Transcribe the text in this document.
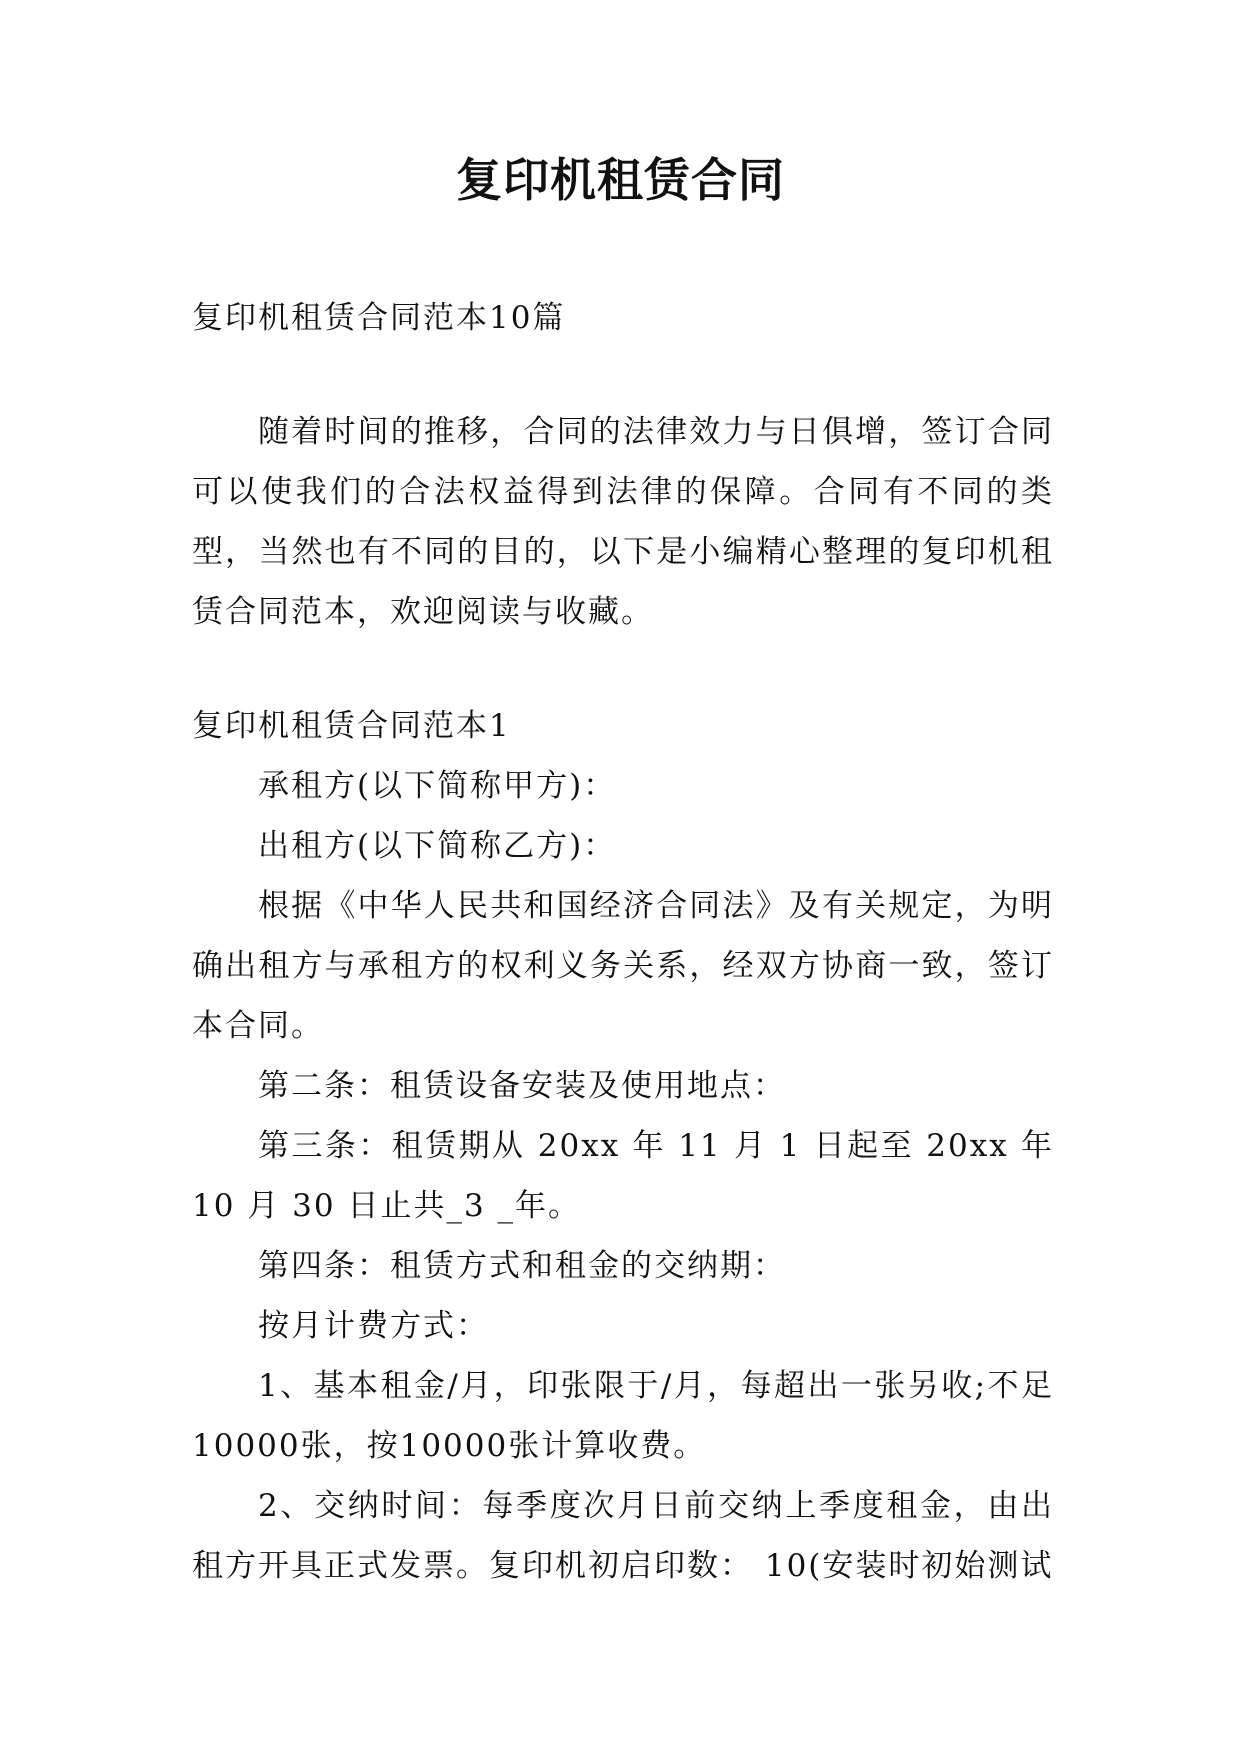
复印机租赁合同

复印机租赁合同范本10篇

随着时间的推移，合同的法律效力与日俱增，签订合同可以使我们的合法权益得到法律的保障。合同有不同的类型，当然也有不同的目的，以下是小编精心整理的复印机租赁合同范本，欢迎阅读与收藏。

复印机租赁合同范本1

承租方(以下简称甲方)：

出租方(以下简称乙方)：

根据《中华人民共和国经济合同法》及有关规定，为明确出租方与承租方的权利义务关系，经双方协商一致，签订本合同。

第二条：租赁设备安装及使用地点：

第三条：租赁期从 20xx 年 11 月 1 日起至 20xx 年 10 月 30 日止共_3 _年。

第四条：租赁方式和租金的交纳期：

按月计费方式：

1、基本租金/月，印张限于/月，每超出一张另收;不足10000张，按10000张计算收费。

2、交纳时间：每季度次月日前交纳上季度租金，由出租方开具正式发票。复印机初启印数： 10(安装时初始测试
